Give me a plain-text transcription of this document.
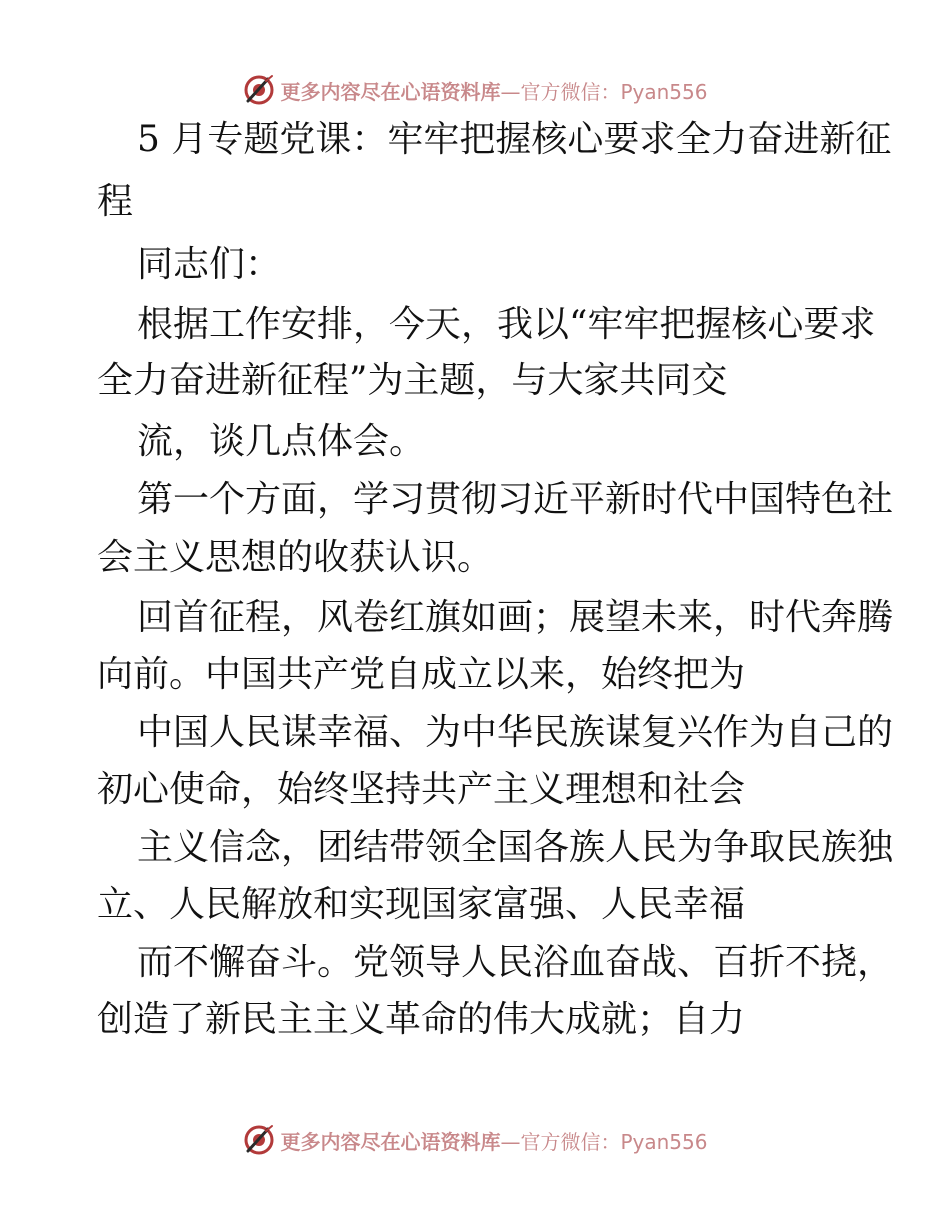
更多内容尽在心语资料库 —官方微信：Pyan556
5 月专题党课：牢牢把握核心要求全力奋进新征
程
同志们：
根据工作安排，今天，我以“牢牢把握核心要求
全力奋进新征程”为主题，与大家共同交
流，谈几点体会。
第一个方面，学习贯彻习近平新时代中国特色社
会主义思想的收获认识。
回首征程，风卷红旗如画；展望未来，时代奔腾
向前。中国共产党自成立以来，始终把为
中国人民谋幸福、为中华民族谋复兴作为自己的
初心使命，始终坚持共产主义理想和社会
主义信念，团结带领全国各族人民为争取民族独
立、人民解放和实现国家富强、人民幸福
而不懈奋斗。党领导人民浴血奋战、百折不挠，
创造了新民主主义革命的伟大成就；自力
更多内容尽在心语资料库 —官方微信：Pyan556
